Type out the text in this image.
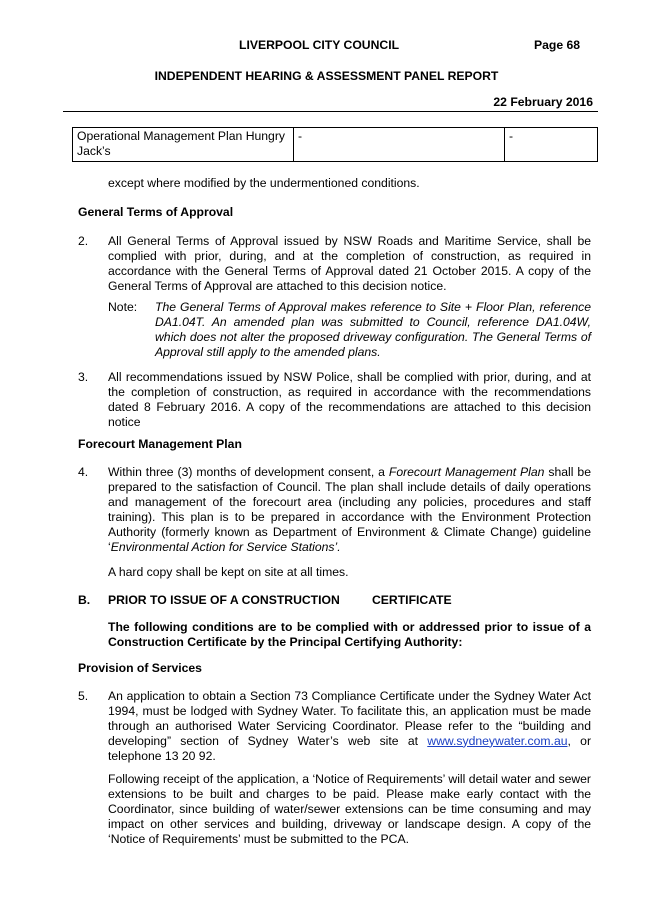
LIVERPOOL CITY COUNCIL	Page 68
INDEPENDENT HEARING & ASSESSMENT PANEL REPORT
22 February 2016
Operational Management Plan Hungry Jack’s	-	-
except where modified by the undermentioned conditions.
General Terms of Approval
2. All General Terms of Approval issued by NSW Roads and Maritime Service, shall be complied with prior, during, and at the completion of construction, as required in accordance with the General Terms of Approval dated 21 October 2015. A copy of the General Terms of Approval are attached to this decision notice.
Note: The General Terms of Approval makes reference to Site + Floor Plan, reference DA1.04T. An amended plan was submitted to Council, reference DA1.04W, which does not alter the proposed driveway configuration. The General Terms of Approval still apply to the amended plans.
3. All recommendations issued by NSW Police, shall be complied with prior, during, and at the completion of construction, as required in accordance with the recommendations dated 8 February 2016. A copy of the recommendations are attached to this decision notice
Forecourt Management Plan
4. Within three (3) months of development consent, a Forecourt Management Plan shall be prepared to the satisfaction of Council. The plan shall include details of daily operations and management of the forecourt area (including any policies, procedures and staff training). This plan is to be prepared in accordance with the Environment Protection Authority (formerly known as Department of Environment & Climate Change) guideline ‘Environmental Action for Service Stations’.
A hard copy shall be kept on site at all times.
B. PRIOR TO ISSUE OF A CONSTRUCTION	CERTIFICATE
The following conditions are to be complied with or addressed prior to issue of a Construction Certificate by the Principal Certifying Authority:
Provision of Services
5. An application to obtain a Section 73 Compliance Certificate under the Sydney Water Act 1994, must be lodged with Sydney Water. To facilitate this, an application must be made through an authorised Water Servicing Coordinator. Please refer to the “building and developing” section of Sydney Water’s web site at www.sydneywater.com.au, or telephone 13 20 92.
Following receipt of the application, a ‘Notice of Requirements’ will detail water and sewer extensions to be built and charges to be paid. Please make early contact with the Coordinator, since building of water/sewer extensions can be time consuming and may impact on other services and building, driveway or landscape design. A copy of the ‘Notice of Requirements’ must be submitted to the PCA.
